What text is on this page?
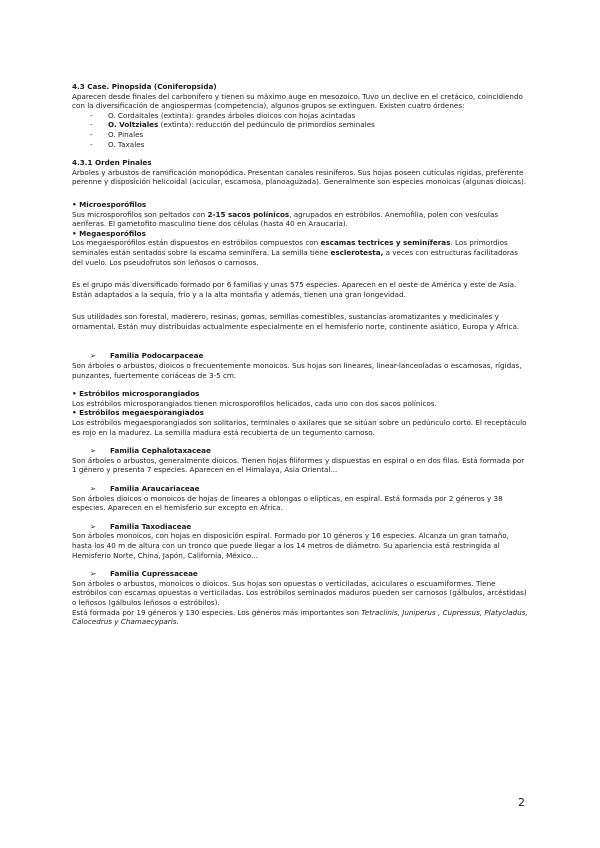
4.3 Case. Pinopsida (Coniferopsida)

Aparecen desde finales del carbonífero y tienen su máximo auge en mesozoico. Tuvo un declive en el cretácico, coincidiendo con la diversificación de angiospermas (competencia), algunos grupos se extinguen. Existen cuatro órdenes:

- O. Cordaitales (extinta): grandes árboles dioicos con hojas acintadas
- O. Voltziales (extinta): reducción del pedúnculo de primordios seminales
- O. Pinales
- O. Taxales

4.3.1 Orden Pinales

Árboles y arbustos de ramificación monopódica. Presentan canales resiníferos. Sus hojas poseen cutículas rígidas, preferente perenne y disposición helicoidal (acicular, escamosa, planoaguzada). Generalmente son especies monoicas (algunas dioicas).

• Microesporófilos

Sus microsporofilos son peltados con 2-15 sacos polínicos, agrupados en estróbilos. Anemofilia, polen con vesículas aeríferas. El gametofito masculino tiene dos células (hasta 40 en Araucaria).

• Megaesporófilos

Los megaesporófilos están dispuestos en estróbilos compuestos con escamas tectrices y seminíferas. Los primordios seminales están sentados sobre la escama seminífera. La semilla tiene esclerotesta, a veces con estructuras facilitadoras del vuelo. Los pseudofrutos son leñosos o carnosos.

Es el grupo más diversificado formado por 6 familias y unas 575 especies. Aparecen en el oeste de América y este de Asia. Están adaptados a la sequía, frío y a la alta montaña y además, tienen una gran longevidad.

Sus utilidades son forestal, maderero, resinas, gomas, semillas comestibles, sustancias aromatizantes y medicinales y ornamental. Están muy distribuidas actualmente especialmente en el hemisferio norte, continente asiático, Europa y África.

➢ Familia Podocarpaceae

Son árboles o arbustos, dioicos o frecuentemente monoicos. Sus hojas son lineares, linear-lanceoladas o escamosas, rígidas, punzantes, fuertemente coriáceas de 3-5 cm.

• Estróbilos microsporangiados

Los estróbilos microsporangiados tienen microsporofilos helicados, cada uno con dos sacos polínicos.

• Estróbilos megaesporangiados

Los estróbilos megaesporangiados son solitarios, terminales o axilares que se sitúan sobre un pedúnculo corto. El receptáculo es rojo en la madurez. La semilla madura está recubierta de un tegumento carnoso.

➢ Familia Cephalotaxaceae

Son árboles o arbustos, generalmente dioicos. Tienen hojas filiformes y dispuestas en espiral o en dos filas. Está formada por 1 género y presenta 7 especies. Aparecen en el Himalaya, Asia Oriental...

➢ Familia Araucariaceae

Son árboles dioicos o monoicos de hojas de lineares a oblongas o elípticas, en espiral. Está formada por 2 géneros y 38 especies. Aparecen en el hemisferio sur excepto en África.

➢ Familia Taxodiaceae

Son árboles monoicos, con hojas en disposición espiral. Formado por 10 géneros y 16 especies. Alcanza un gran tamaño, hasta los 40 m de altura con un tronco que puede llegar a los 14 metros de diámetro. Su apariencia está restringida al Hemisferio Norte, China, Japón, California, México...

➢ Familia Cupressaceae

Son árboles o arbustos, monoicos o dioicos. Sus hojas son opuestas o verticiladas, aciculares o escuamiformes. Tiene estróbilos con escamas opuestas o verticiladas. Los estróbilos seminados maduros pueden ser carnosos (gálbulos, arcéstidas) o leñosos (gálbulos leñosos o estróbilos).

Está formada por 19 géneros y 130 especies. Los géneros más importantes son Tetraclinis, Juniperus , Cupressus, Platycladus, Calocedrus y Chamaecyparis.

2
